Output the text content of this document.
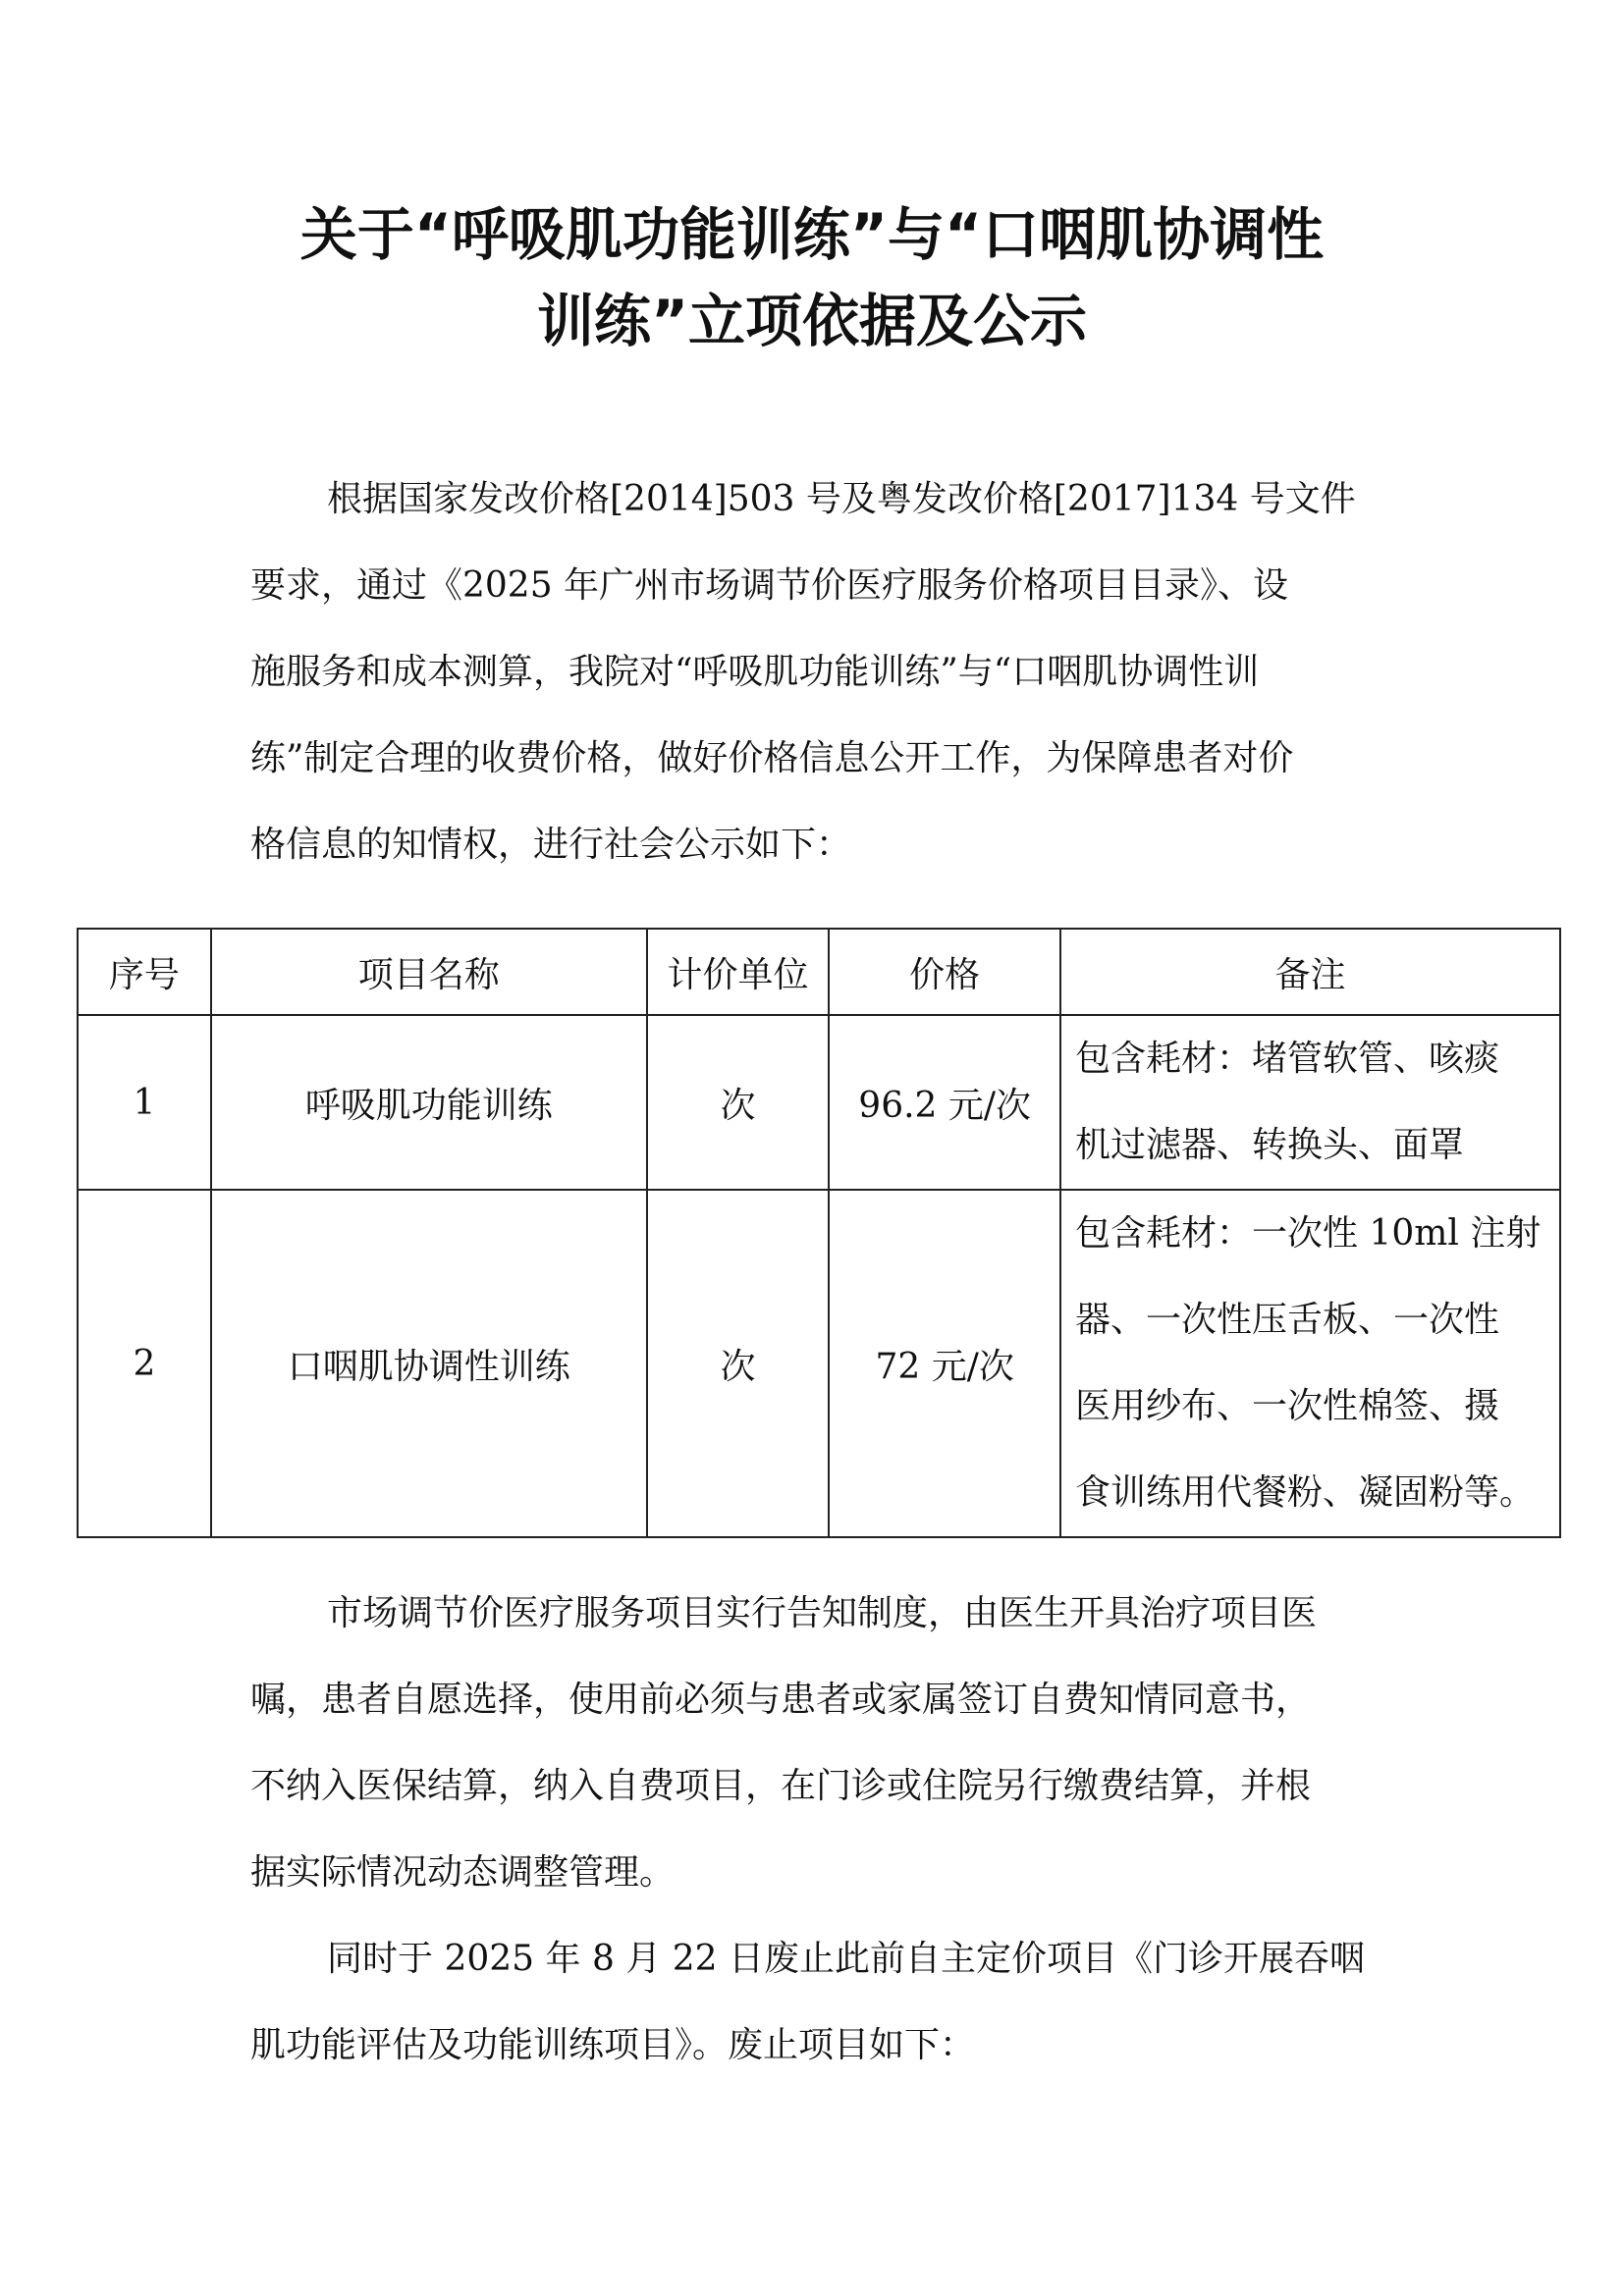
关于“呼吸肌功能训练”与“口咽肌协调性
训练”立项依据及公示
根据国家发改价格[2014]503 号及粤发改价格[2017]134 号文件
要求，通过《2025 年广州市场调节价医疗服务价格项目目录》、设
施服务和成本测算，我院对“呼吸肌功能训练”与“口咽肌协调性训
练”制定合理的收费价格，做好价格信息公开工作，为保障患者对价
格信息的知情权，进行社会公示如下：
序号	项目名称	计价单位	价格	备注
1	呼吸肌功能训练	次	96.2 元/次	包含耗材：堵管软管、咳痰
机过滤器、转换头、面罩

2	口咽肌协调性训练	次	72 元/次	包含耗材：一次性 10ml 注射
器、一次性压舌板、一次性
医用纱布、一次性棉签、摄
食训练用代餐粉、凝固粉等。
市场调节价医疗服务项目实行告知制度，由医生开具治疗项目医
嘱，患者自愿选择，使用前必须与患者或家属签订自费知情同意书，
不纳入医保结算，纳入自费项目，在门诊或住院另行缴费结算，并根
据实际情况动态调整管理。
同时于 2025 年 8 月 22 日废止此前自主定价项目《门诊开展吞咽
肌功能评估及功能训练项目》。废止项目如下：
